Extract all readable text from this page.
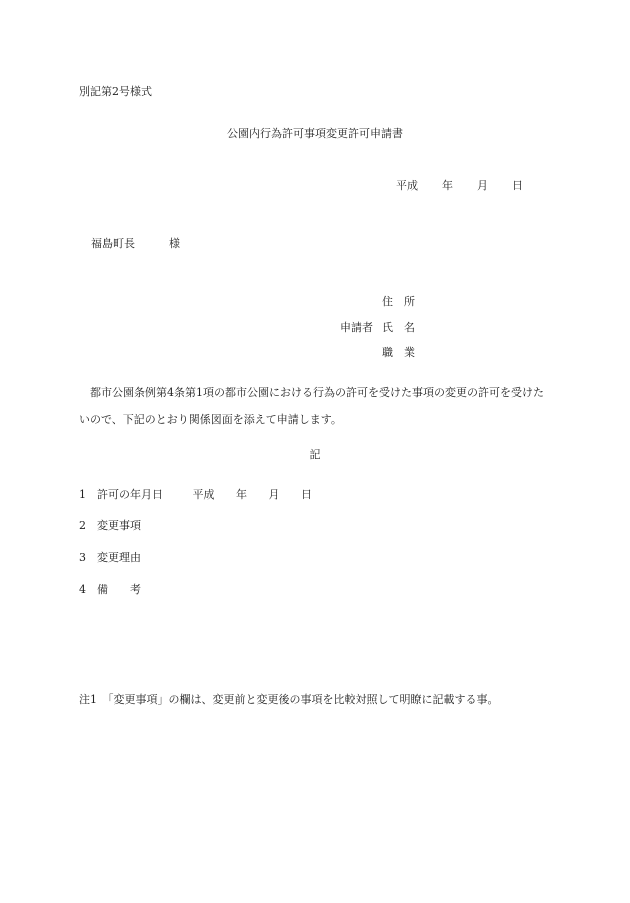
別記第2号様式
公園内行為許可事項変更許可申請書
平成 年 月 日
福島町長	様
住　所
申請者 氏　名
職　業
都市公園条例第4条第1項の都市公園における行為の許可を受けた事項の変更の許可を受けたいので、下記のとおり関係図面を添えて申請します。
記
1 許可の年月日	平成 年 月 日
2 変更事項
3 変更理由
4 備　　考
注1　「変更事項」の欄は、変更前と変更後の事項を比較対照して明瞭に記載する事。
